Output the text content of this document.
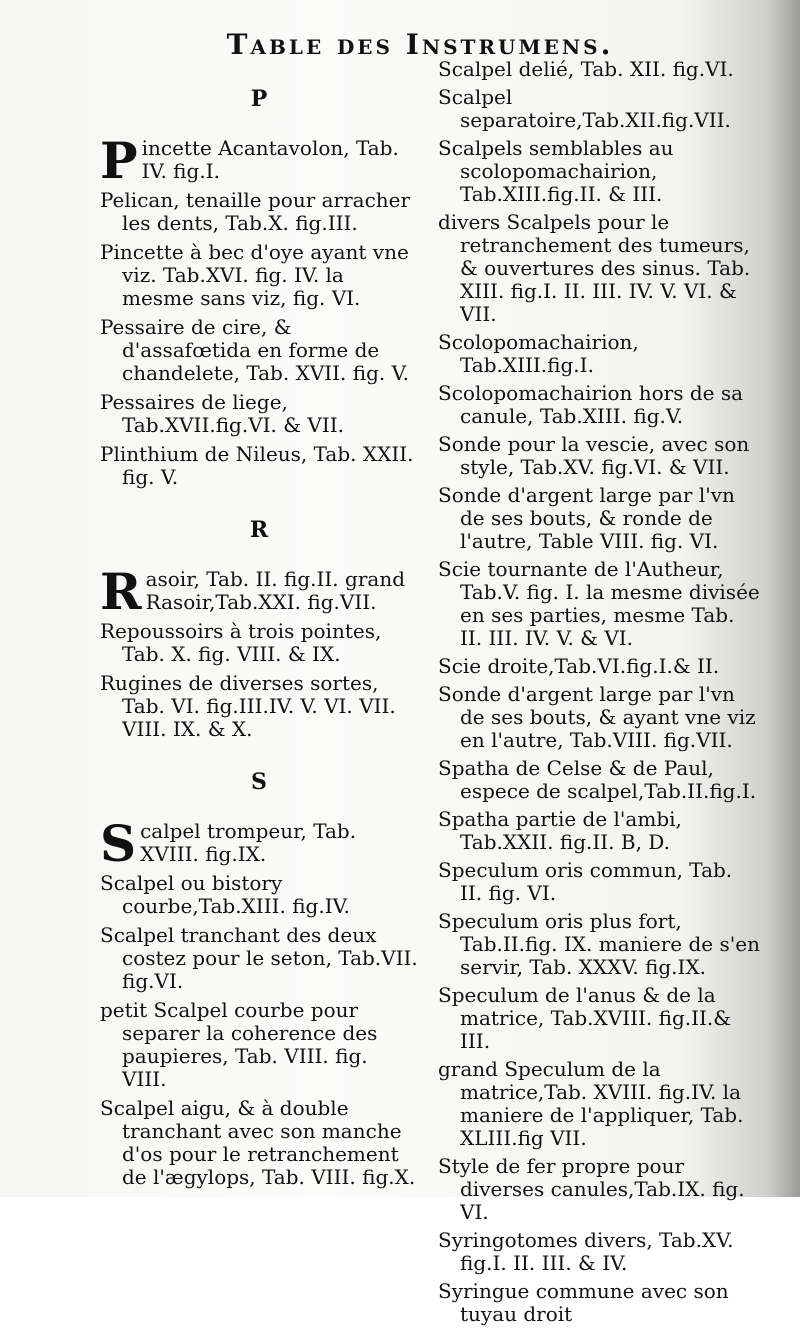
Table des Instrumens.
P

Pincette Acantavolon, Tab. IV. fig.I.

Pelican, tenaille pour arracher les dents, Tab.X. fig.III.

Pincette à bec d'oye ayant vne viz. Tab.XVI. fig. IV. la mesme sans viz, fig. VI.

Pessaire de cire, & d'assafœtida en forme de chandelete, Tab. XVII. fig. V.

Pessaires de liege, Tab.XVII.fig.VI. & VII.

Plinthium de Nileus, Tab. XXII. fig. V.

R

Rasoir, Tab. II. fig.II. grand Rasoir,Tab.XXI. fig.VII.

Repoussoirs à trois pointes, Tab. X. fig. VIII. & IX.

Rugines de diverses sortes, Tab. VI. fig.III.IV. V. VI. VII. VIII. IX. & X.

S

Scalpel trompeur, Tab. XVIII. fig.IX.

Scalpel ou bistory courbe,Tab.XIII. fig.IV.

Scalpel tranchant des deux costez pour le seton, Tab.VII. fig.VI.

petit Scalpel courbe pour separer la coherence des paupieres, Tab. VIII. fig. VIII.

Scalpel aigu, & à double tranchant avec son manche d'os pour le retranchement de l'ægylops, Tab. VIII. fig.X.

Scalpel delié, Tab. XII. fig.VI.

Scalpel separatoire,Tab.XII.fig.VII.

Scalpels semblables au scolopomachairion, Tab.XIII.fig.II. & III.

divers Scalpels pour le retranchement des tumeurs, & ouvertures des sinus. Tab. XIII. fig.I. II. III. IV. V. VI. & VII.

Scolopomachairion, Tab.XIII.fig.I.

Scolopomachairion hors de sa canule, Tab.XIII. fig.V.

Sonde pour la vescie, avec son style, Tab.XV. fig.VI. & VII.

Sonde d'argent large par l'vn de ses bouts, & ronde de l'autre, Table VIII. fig. VI.

Scie tournante de l'Autheur, Tab.V. fig. I. la mesme divisée en ses parties, mesme Tab. II. III. IV. V. & VI.

Scie droite,Tab.VI.fig.I.& II.

Sonde d'argent large par l'vn de ses bouts, & ayant vne viz en l'autre, Tab.VIII. fig.VII.

Spatha de Celse & de Paul, espece de scalpel,Tab.II.fig.I.

Spatha partie de l'ambi, Tab.XXII. fig.II. B, D.

Speculum oris commun, Tab. II. fig. VI.

Speculum oris plus fort, Tab.II.fig. IX. maniere de s'en servir, Tab. XXXV. fig.IX.

Speculum de l'anus & de la matrice, Tab.XVIII. fig.II.& III.

grand Speculum de la matrice,Tab. XVIII. fig.IV. la maniere de l'appliquer, Tab. XLIII.fig VII.

Style de fer propre pour diverses canules,Tab.IX. fig. VI.

Syringotomes divers, Tab.XV. fig.I. II. III. & IV.

Syringue commune avec son tuyau droit
